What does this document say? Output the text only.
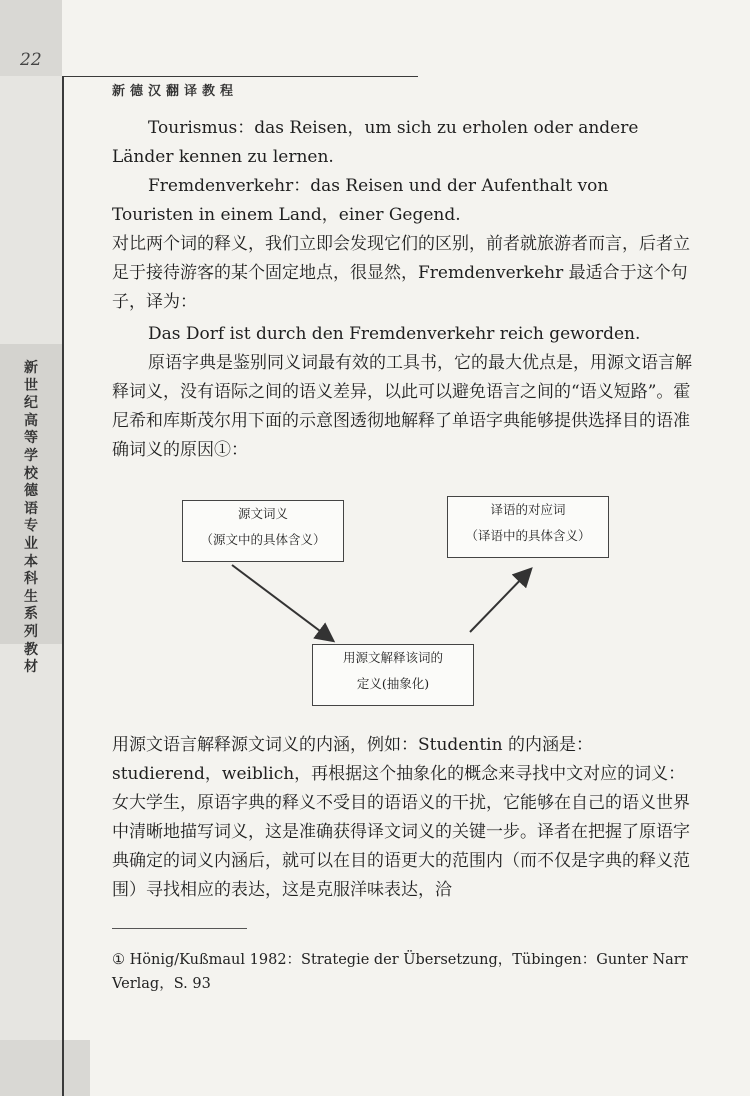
22
新德汉翻译教程
新世纪高等学校德语专业本科生系列教材

Tourismus：das Reisen，um sich zu erholen oder andere Länder kennen zu lernen.

Fremdenverkehr：das Reisen und der Aufenthalt von Touristen in einem Land，einer Gegend.

对比两个词的释义，我们立即会发现它们的区别，前者就旅游者而言，后者立足于接待游客的某个固定地点，很显然，Fremdenverkehr 最适合于这个句子，译为：

Das Dorf ist durch den Fremdenverkehr reich geworden.

原语字典是鉴别同义词最有效的工具书，它的最大优点是，用源文语言解释词义，没有语际之间的语义差异，以此可以避免语言之间的“语义短路”。霍尼希和库斯茂尔用下面的示意图透彻地解释了单语字典能够提供选择目的语准确词义的原因①：

源文词义
（源文中的具体含义）
译语的对应词
（译语中的具体含义）
用源文解释该词的
定义(抽象化)

用源文语言解释源文词义的内涵，例如：Studentin 的内涵是：studierend，weiblich，再根据这个抽象化的概念来寻找中文对应的词义：女大学生，原语字典的释义不受目的语语义的干扰，它能够在自己的语义世界中清晰地描写词义，这是准确获得译文词义的关键一步。译者在把握了原语字典确定的词义内涵后，就可以在目的语更大的范围内（而不仅是字典的释义范围）寻找相应的表达，这是克服洋味表达，洽

① Hönig/Kußmaul 1982：Strategie der Übersetzung，Tübingen：Gunter Narr Verlag，S. 93
